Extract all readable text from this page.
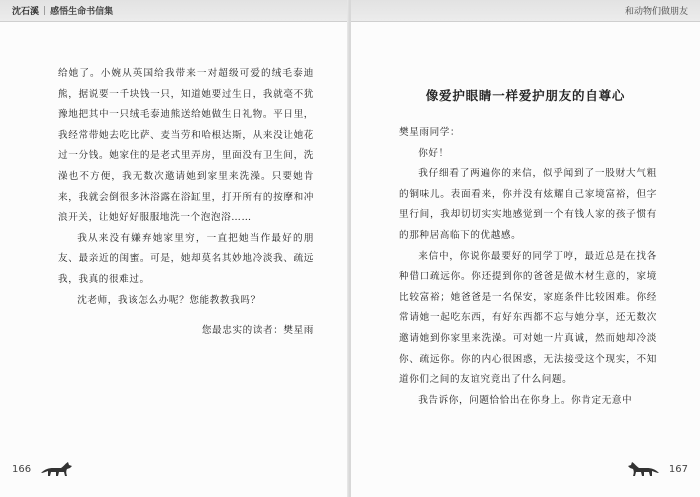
沈石溪 | 感悟生命书信集

给她了。小婉从英国给我带来一对超级可爱的绒毛泰迪熊，据说要一千块钱一只，知道她要过生日，我就毫不犹豫地把其中一只绒毛泰迪熊送给她做生日礼物。平日里，我经常带她去吃比萨、麦当劳和哈根达斯，从来没让她花过一分钱。她家住的是老式里弄房，里面没有卫生间，洗澡也不方便，我无数次邀请她到家里来洗澡。只要她肯来，我就会倒很多沐浴露在浴缸里，打开所有的按摩和冲浪开关，让她好好服服地洗一个泡泡浴……

我从来没有嫌弃她家里穷，一直把她当作最好的朋友、最亲近的闺蜜。可是，她却莫名其妙地冷淡我、疏远我，我真的很难过。

沈老师，我该怎么办呢？您能教教我吗？

您最忠实的读者：樊星雨

166
和动物们做朋友

樊星雨同学：

你好！

我仔细看了两遍你的来信，似乎闻到了一股财大气粗的铜味儿。表面看来，你并没有炫耀自己家境富裕，但字里行间，我却切切实实地感觉到一个有钱人家的孩子惯有的那种居高临下的优越感。

来信中，你说你最要好的同学丁哼，最近总是在找各种借口疏远你。你还提到你的爸爸是做木材生意的，家境比较富裕；她爸爸是一名保安，家庭条件比较困难。你经常请她一起吃东西，有好东西都不忘与她分享，还无数次邀请她到你家里来洗澡。可对她一片真诚，然而她却冷淡你、疏远你。你的内心很困惑，无法接受这个现实，不知道你们之间的友谊究竟出了什么问题。

我告诉你，问题恰恰出在你身上。你肯定无意中

167
像爱护眼睛一样爱护朋友的自尊心
